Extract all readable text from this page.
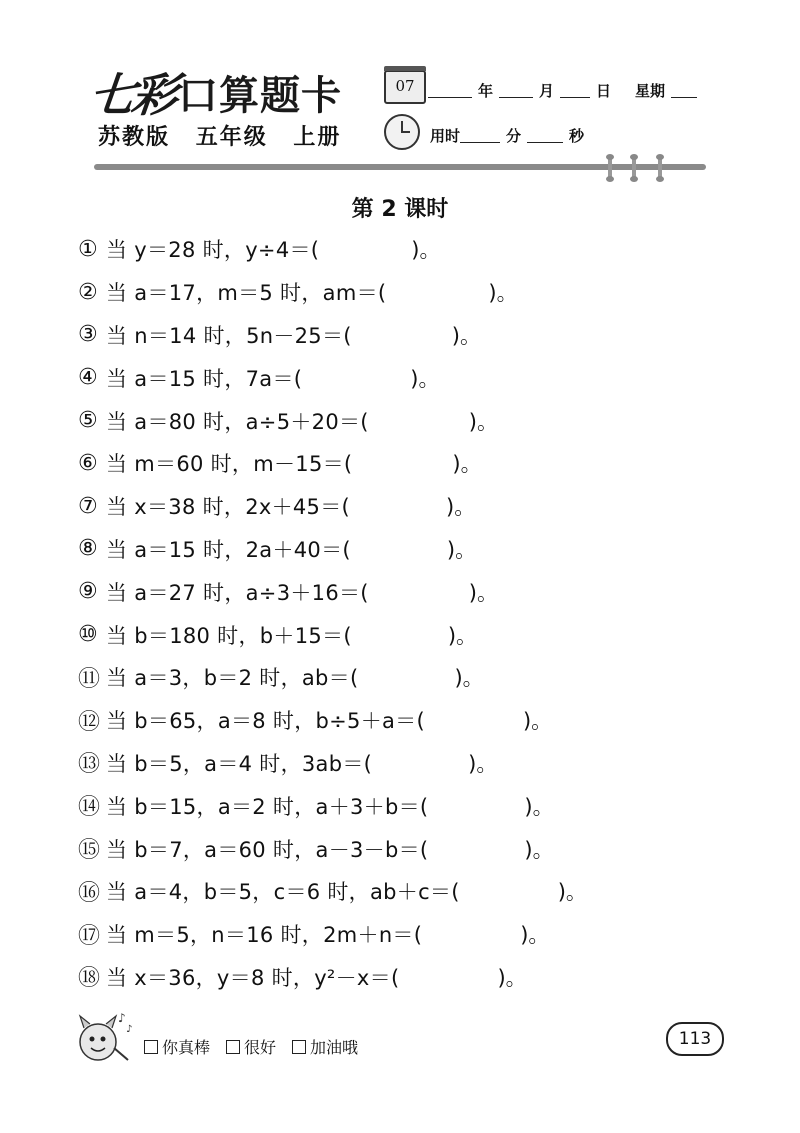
七彩 口算题卡
苏教版 五年级 上册
07	年	月	日 星期
用时	分	秒
第 2 课时
① 当 y＝28 时，y÷4＝(	)。
② 当 a＝17，m＝5 时，am＝(	)。
③ 当 n＝14 时，5n－25＝(	)。
④ 当 a＝15 时，7a＝(	)。
⑤ 当 a＝80 时，a÷5＋20＝(	)。
⑥ 当 m＝60 时，m－15＝(	)。
⑦ 当 x＝38 时，2x＋45＝(	)。
⑧ 当 a＝15 时，2a＋40＝(	)。
⑨ 当 a＝27 时，a÷3＋16＝(	)。
⑩ 当 b＝180 时，b＋15＝(	)。
⑪ 当 a＝3，b＝2 时，ab＝(	)。
⑫ 当 b＝65，a＝8 时，b÷5＋a＝(	)。
⑬ 当 b＝5，a＝4 时，3ab＝(	)。
⑭ 当 b＝15，a＝2 时，a＋3＋b＝(	)。
⑮ 当 b＝7，a＝60 时，a－3－b＝(	)。
⑯ 当 a＝4，b＝5，c＝6 时，ab＋c＝(	)。
⑰ 当 m＝5，n＝16 时，2m＋n＝(	)。
⑱ 当 x＝36，y＝8 时，y²－x＝(	)。
♪
♪
你真棒 很好 加油哦	113
